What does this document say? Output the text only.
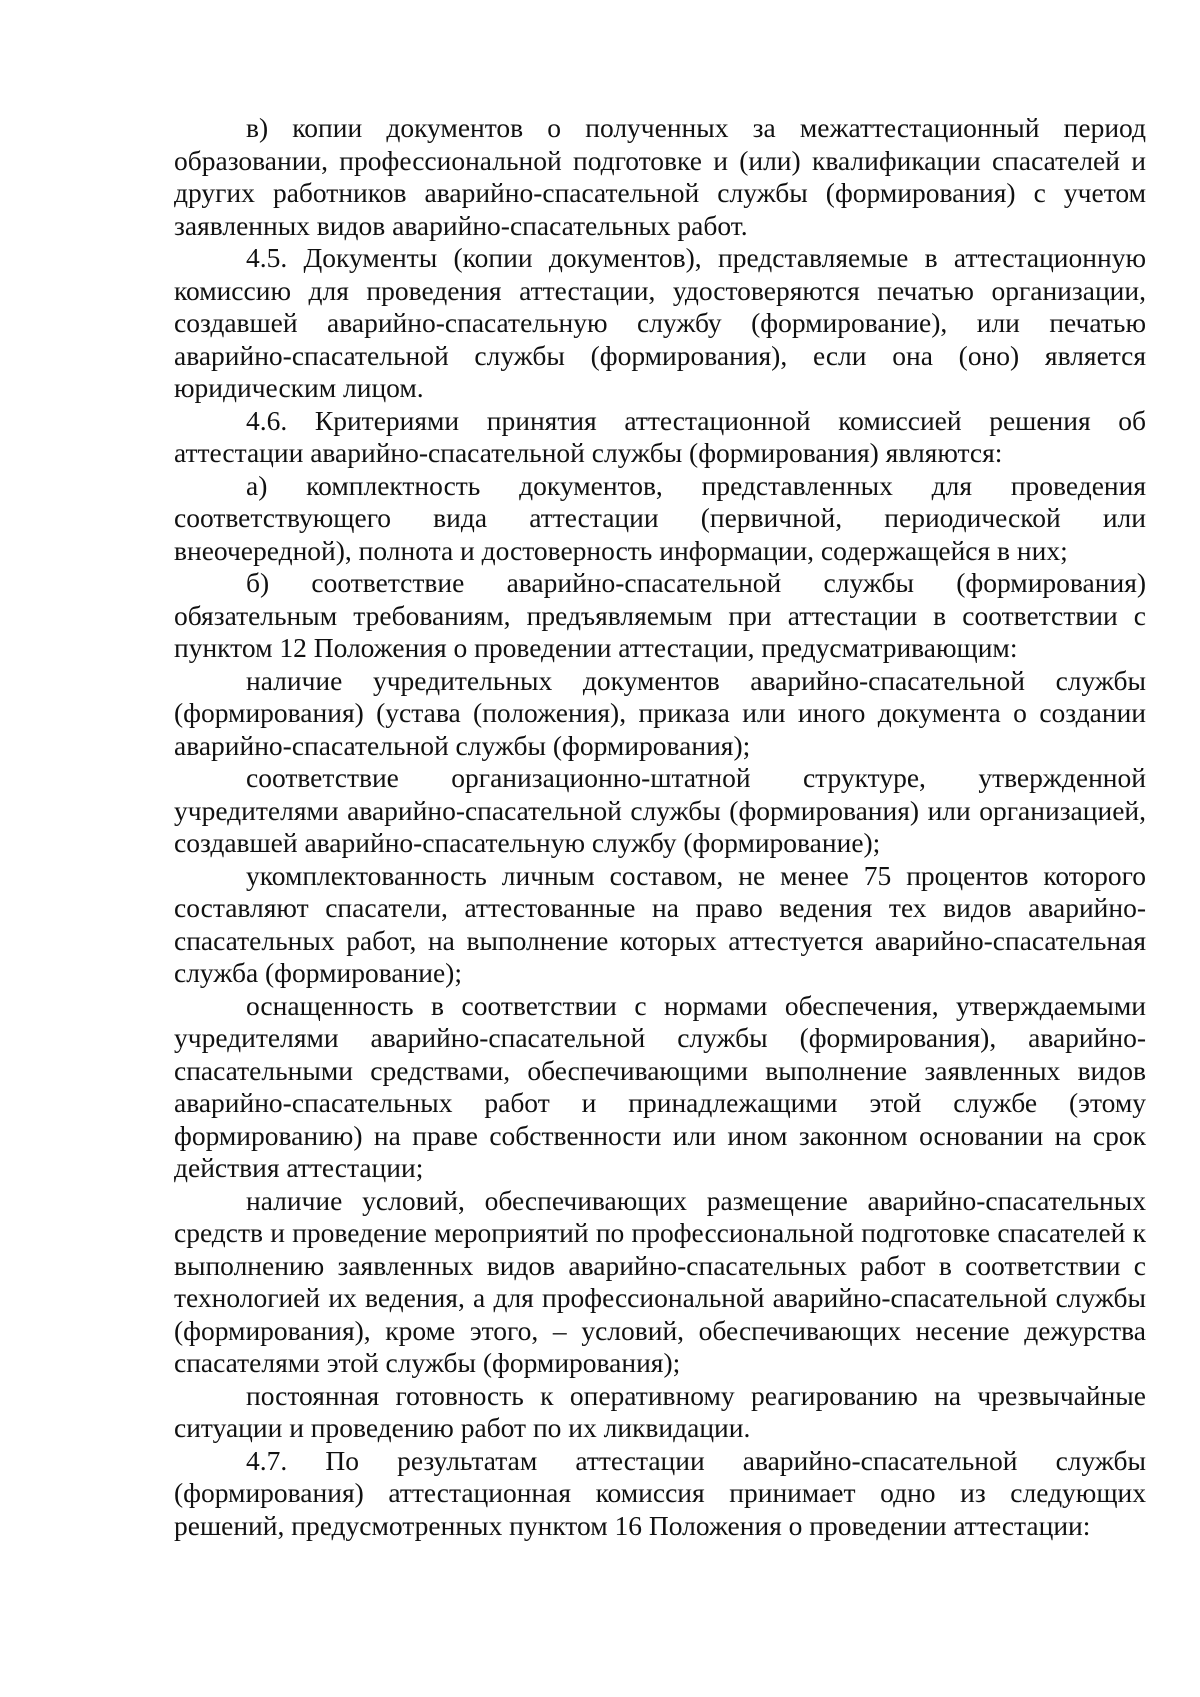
в) копии документов о полученных за межаттестационный период образовании, профессиональной подготовке и (или) квалификации спасателей и других работников аварийно-спасательной службы (формирования) с учетом заявленных видов аварийно-спасательных работ.

4.5. Документы (копии документов), представляемые в аттестационную комиссию для проведения аттестации, удостоверяются печатью организации, создавшей аварийно-спасательную службу (формирование), или печатью аварийно-спасательной службы (формирования), если она (оно) является юридическим лицом.

4.6. Критериями принятия аттестационной комиссией решения об аттестации аварийно-спасательной службы (формирования) являются:

а) комплектность документов, представленных для проведения соответствующего вида аттестации (первичной, периодической или внеочередной), полнота и достоверность информации, содержащейся в них;

б) соответствие аварийно-спасательной службы (формирования) обязательным требованиям, предъявляемым при аттестации в соответствии с пунктом 12 Положения о проведении аттестации, предусматривающим:

наличие учредительных документов аварийно-спасательной службы (формирования) (устава (положения), приказа или иного документа о создании аварийно-спасательной службы (формирования);

соответствие организационно-штатной структуре, утвержденной учредителями аварийно-спасательной службы (формирования) или организацией, создавшей аварийно-спасательную службу (формирование);

укомплектованность личным составом, не менее 75 процентов которого составляют спасатели, аттестованные на право ведения тех видов аварийно-спасательных работ, на выполнение которых аттестуется аварийно-спасательная служба (формирование);

оснащенность в соответствии с нормами обеспечения, утверждаемыми учредителями аварийно-спасательной службы (формирования), аварийно-спасательными средствами, обеспечивающими выполнение заявленных видов аварийно-спасательных работ и принадлежащими этой службе (этому формированию) на праве собственности или ином законном основании на срок действия аттестации;

наличие условий, обеспечивающих размещение аварийно-спасательных средств и проведение мероприятий по профессиональной подготовке спасателей к выполнению заявленных видов аварийно-спасательных работ в соответствии с технологией их ведения, а для профессиональной аварийно-спасательной службы (формирования), кроме этого, – условий, обеспечивающих несение дежурства спасателями этой службы (формирования);

постоянная готовность к оперативному реагированию на чрезвычайные ситуации и проведению работ по их ликвидации.

4.7. По результатам аттестации аварийно-спасательной службы (формирования) аттестационная комиссия принимает одно из следующих решений, предусмотренных пунктом 16 Положения о проведении аттестации:
